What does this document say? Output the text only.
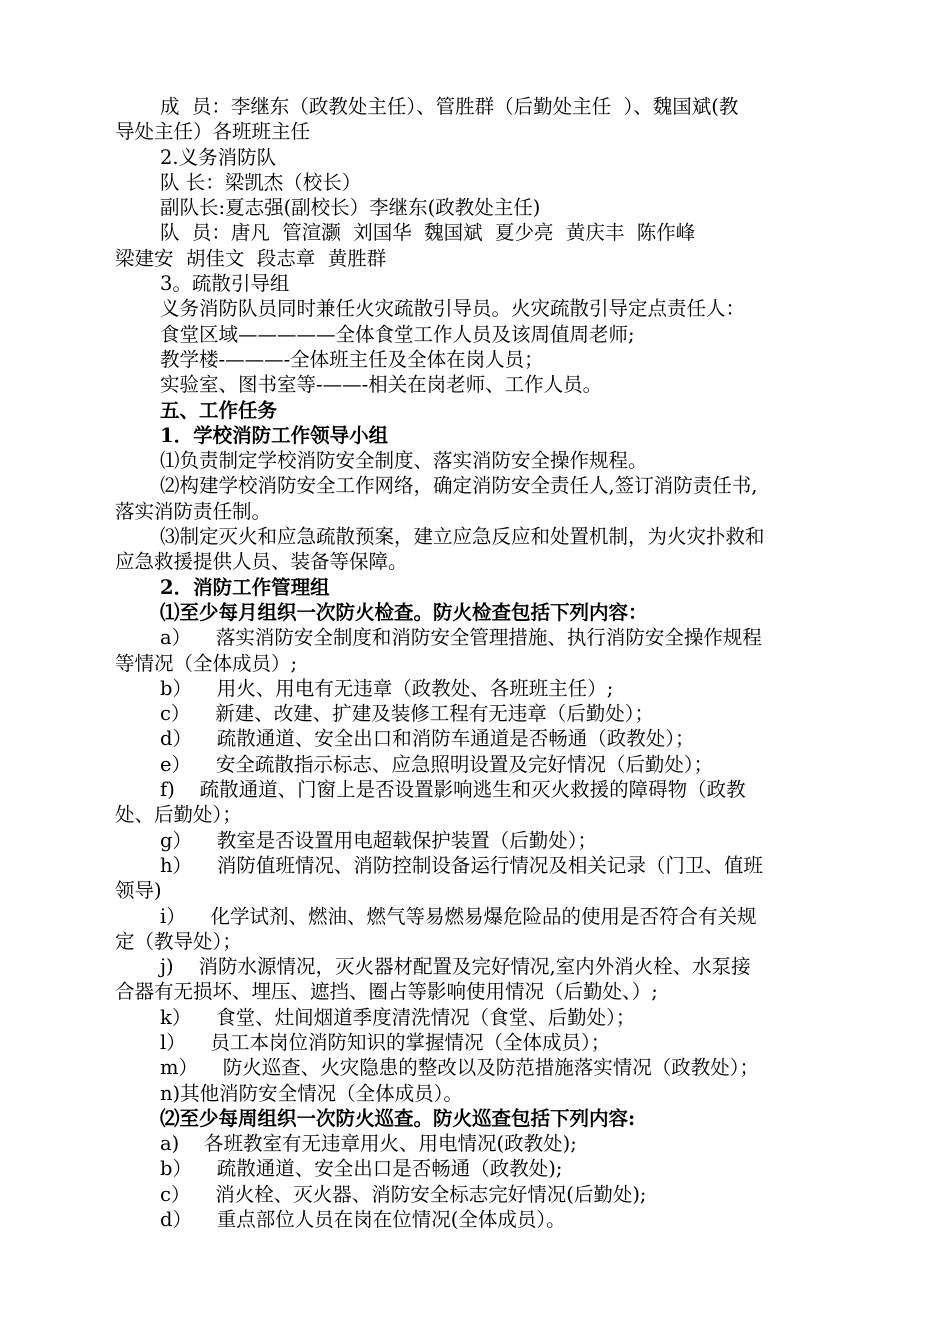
成  员：李继东（政教处主任）、管胜群（后勤处主任  ）、魏国斌(教
导处主任）各班班主任
2.义务消防队
队 长：梁凯杰（校长）
副队长:夏志强(副校长）李继东(政教处主任)
队  员：唐凡  管渲灏  刘国华  魏国斌  夏少亮  黄庆丰  陈作峰
梁建安  胡佳文  段志章  黄胜群
3。疏散引导组
义务消防队员同时兼任火灾疏散引导员。火灾疏散引导定点责任人：
食堂区域—————全体食堂工作人员及该周值周老师;
教学楼-———-全体班主任及全体在岗人员；
实验室、图书室等-——-相关在岗老师、工作人员。
五、工作任务
1．学校消防工作领导小组
⑴负责制定学校消防安全制度、落实消防安全操作规程。
⑵构建学校消防安全工作网络，确定消防安全责任人,签订消防责任书,
落实消防责任制。
⑶制定灭火和应急疏散预案，建立应急反应和处置机制，为火灾扑救和
应急救援提供人员、装备等保障。
2．消防工作管理组
⑴至少每月组织一次防火检查。防火检查包括下列内容：
a）    落实消防安全制度和消防安全管理措施、执行消防安全操作规程
等情况（全体成员）;
b）    用火、用电有无违章（政教处、各班班主任）;
c）    新建、改建、扩建及装修工程有无违章（后勤处）；
d）    疏散通道、安全出口和消防车通道是否畅通（政教处）；
e）    安全疏散指示标志、应急照明设置及完好情况（后勤处）；
f)    疏散通道、门窗上是否设置影响逃生和灭火救援的障碍物（政教
处、后勤处）；
g）    教室是否设置用电超载保护装置（后勤处）；
h）    消防值班情况、消防控制设备运行情况及相关记录（门卫、值班
领导)
i）    化学试剂、燃油、燃气等易燃易爆危险品的使用是否符合有关规
定（教导处）；
j)    消防水源情况，灭火器材配置及完好情况,室内外消火栓、水泵接
合器有无损坏、埋压、遮挡、圈占等影响使用情况（后勤处、）;
k）    食堂、灶间烟道季度清洗情况（食堂、后勤处）；
l）    员工本岗位消防知识的掌握情况（全体成员）；
m）    防火巡查、火灾隐患的整改以及防范措施落实情况（政教处）；
n)其他消防安全情况（全体成员）。
⑵至少每周组织一次防火巡查。防火巡查包括下列内容:
a)    各班教室有无违章用火、用电情况(政教处);
b）    疏散通道、安全出口是否畅通（政教处);
c）    消火栓、灭火器、消防安全标志完好情况(后勤处);
d）    重点部位人员在岗在位情况(全体成员）。
